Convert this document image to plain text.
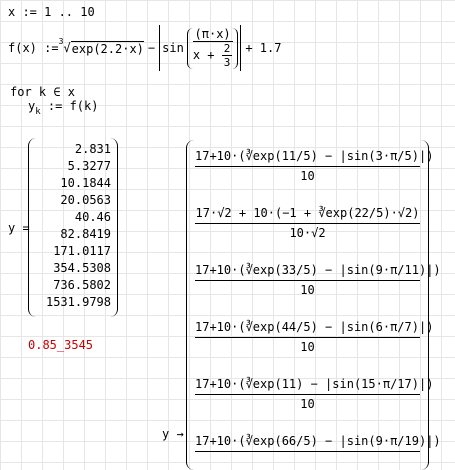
x := 1 .. 10
f(x) := 3 √ $\exp(2.2\cdot x) - \sin \frac{(\pi\cdot x)}{x + \frac{2}{3}} + 1.7$
for k ∈ x
$y_k$ := f(k)
y =
2.831
5.3277
10.1844
20.0563
40.46
82.8419
171.0117
354.5308
736.5802
1531.9798
0.85_3545
y →
17+10·(∛exp(11/5) − |sin(3·π/5)|)
10
17·√2 + 10·(−1 + ∛exp(22/5)·√2)
10·√2
17+10·(∛exp(33/5) − |sin(9·π/11)|)
10
17+10·(∛exp(44/5) − |sin(6·π/7)|)
10
17+10·(∛exp(11) − |sin(15·π/17)|)
10
17+10·(∛exp(66/5) − |sin(9·π/19)|)
